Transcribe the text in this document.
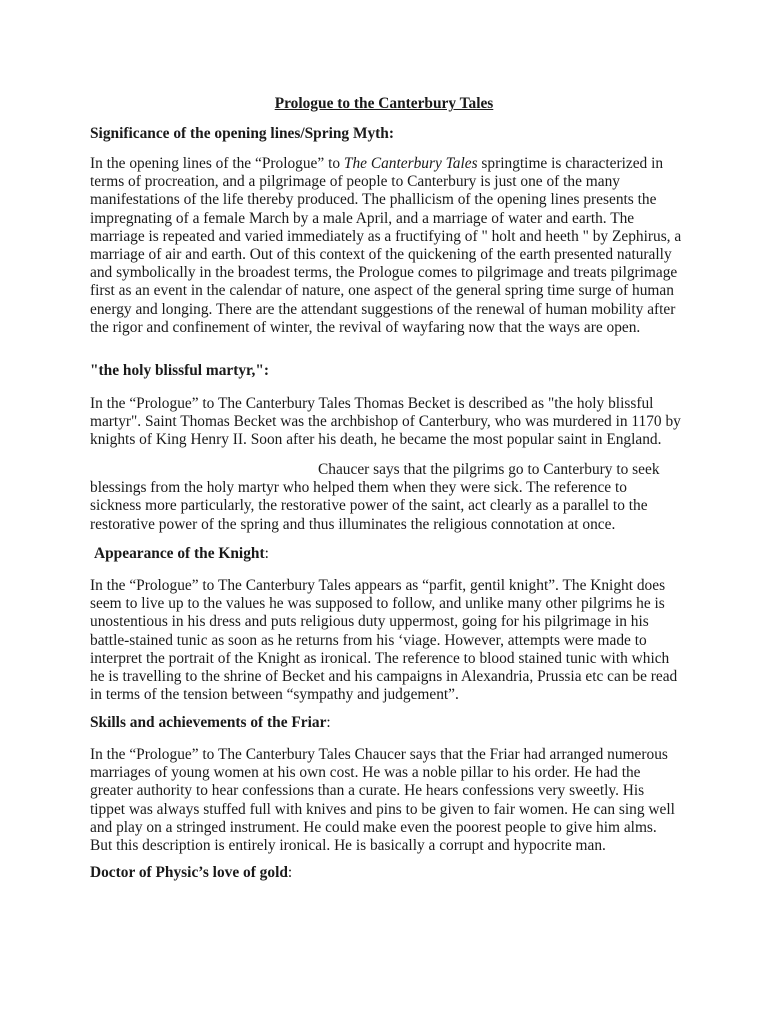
Prologue to the Canterbury Tales

Significance of the opening lines/Spring Myth:

In the opening lines of the “Prologue” to The Canterbury Tales springtime is characterized in terms of procreation, and a pilgrimage of people to Canterbury is just one of the many manifestations of the life thereby produced. The phallicism of the opening lines presents the impregnating of a female March by a male April, and a marriage of water and earth. The marriage is repeated and varied immediately as a fructifying of " holt and heeth " by Zephirus, a marriage of air and earth. Out of this context of the quickening of the earth presented naturally and symbolically in the broadest terms, the Prologue comes to pilgrimage and treats pilgrimage first as an event in the calendar of nature, one aspect of the general spring time surge of human energy and longing. There are the attendant suggestions of the renewal of human mobility after the rigor and confinement of winter, the revival of wayfaring now that the ways are open.

"the holy blissful martyr,":

In the “Prologue” to The Canterbury Tales Thomas Becket is described as "the holy blissful martyr". Saint Thomas Becket was the archbishop of Canterbury, who was murdered in 1170 by knights of King Henry II. Soon after his death, he became the most popular saint in England.

Chaucer says that the pilgrims go to Canterbury to seek blessings from the holy martyr who helped them when they were sick. The reference to sickness more particularly, the restorative power of the saint, act clearly as a parallel to the restorative power of the spring and thus illuminates the religious connotation at once.

Appearance of the Knight:

In the “Prologue” to The Canterbury Tales appears as “parfit, gentil knight”. The Knight does seem to live up to the values he was supposed to follow, and unlike many other pilgrims he is unostentious in his dress and puts religious duty uppermost, going for his pilgrimage in his battle-stained tunic as soon as he returns from his ‘viage. However, attempts were made to interpret the portrait of the Knight as ironical. The reference to blood stained tunic with which he is travelling to the shrine of Becket and his campaigns in Alexandria, Prussia etc can be read in terms of the tension between “sympathy and judgement”.

Skills and achievements of the Friar:

In the “Prologue” to The Canterbury Tales Chaucer says that the Friar had arranged numerous marriages of young women at his own cost. He was a noble pillar to his order. He had the greater authority to hear confessions than a curate. He hears confessions very sweetly. His tippet was always stuffed full with knives and pins to be given to fair women. He can sing well and play on a stringed instrument. He could make even the poorest people to give him alms. But this description is entirely ironical. He is basically a corrupt and hypocrite man.

Doctor of Physic’s love of gold:
